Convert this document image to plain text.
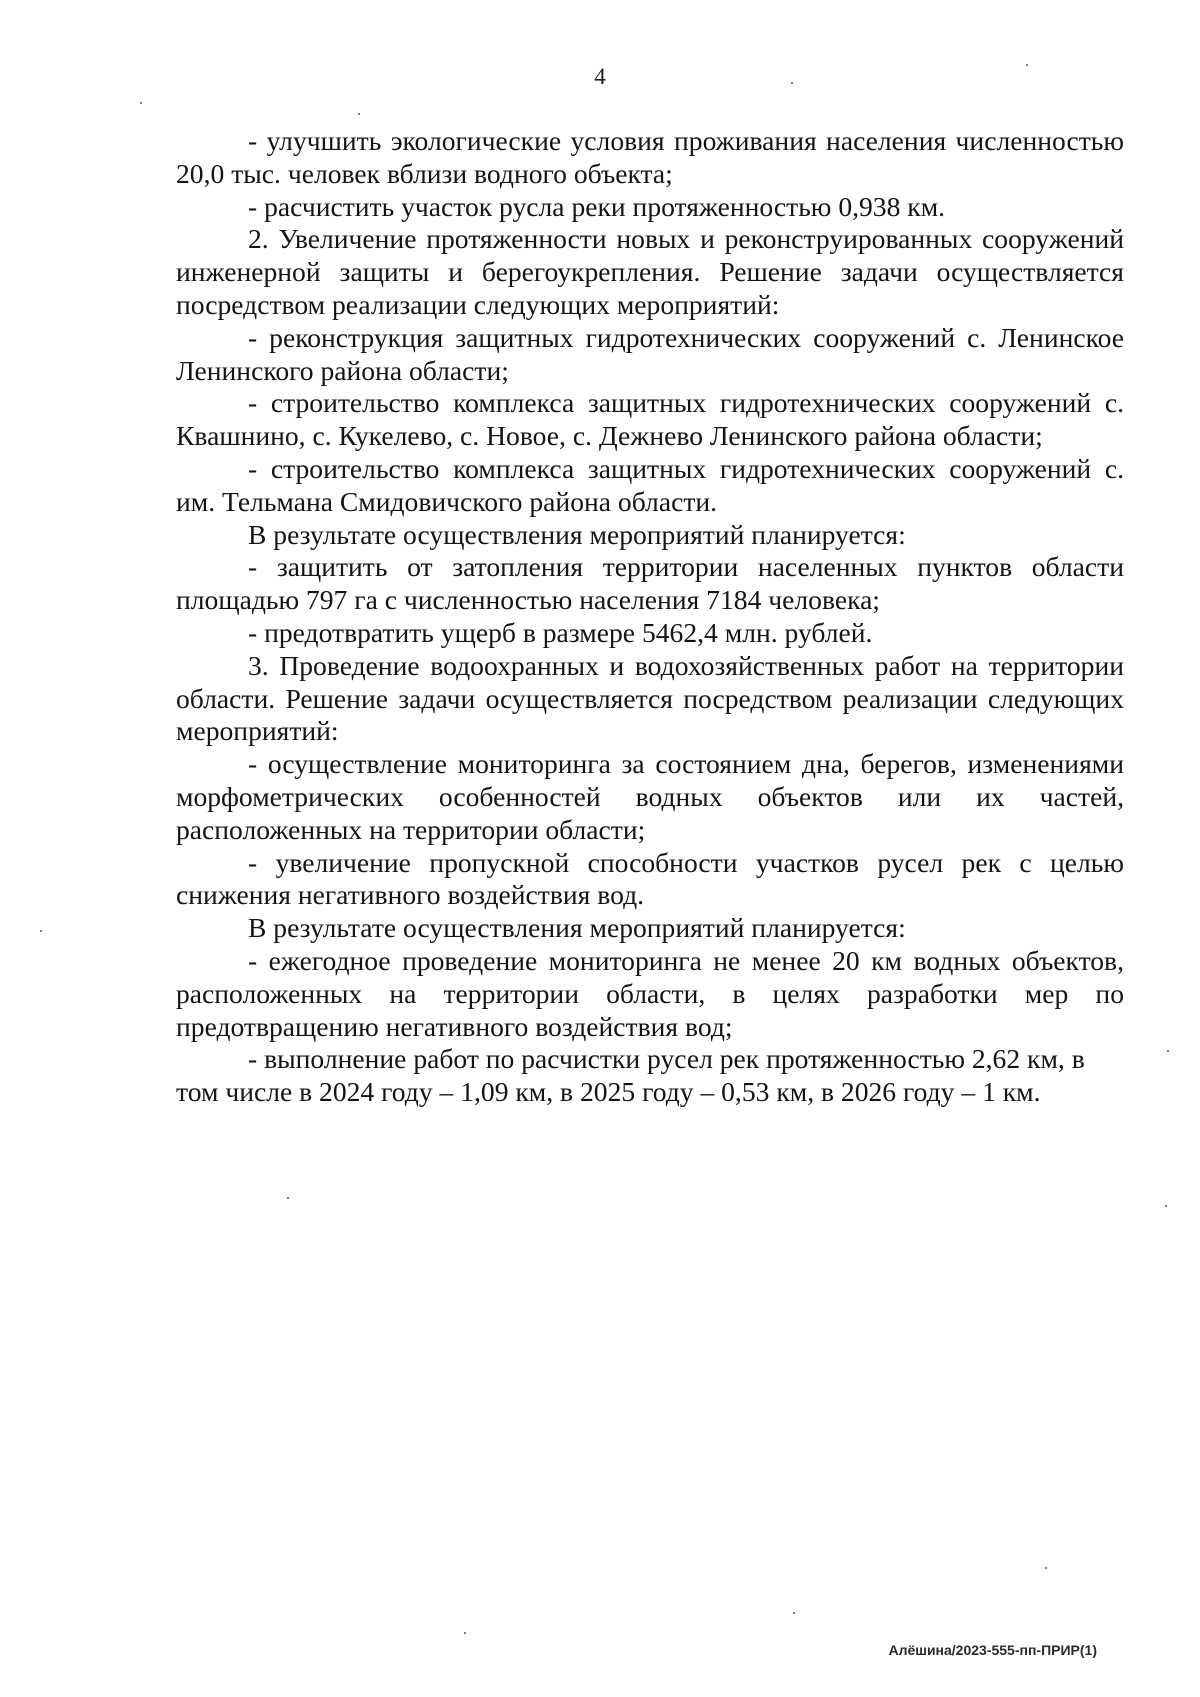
4

- улучшить экологические условия проживания населения численностью 20,0 тыс. человек вблизи водного объекта;

- расчистить участок русла реки протяженностью 0,938 км.

2. Увеличение протяженности новых и реконструированных сооружений инженерной защиты и берегоукрепления. Решение задачи осуществляется посредством реализации следующих мероприятий:

- реконструкция защитных гидротехнических сооружений с. Ленинское Ленинского района области;

- строительство комплекса защитных гидротехнических сооружений с. Квашнино, с. Кукелево, с. Новое, с. Дежнево Ленинского района области;

- строительство комплекса защитных гидротехнических сооружений с. им. Тельмана Смидовичского района области.

В результате осуществления мероприятий планируется:

- защитить от затопления территории населенных пунктов области площадью 797 га с численностью населения 7184 человека;

- предотвратить ущерб в размере 5462,4 млн. рублей.

3. Проведение водоохранных и водохозяйственных работ на территории области. Решение задачи осуществляется посредством реализации следующих мероприятий:

- осуществление мониторинга за состоянием дна, берегов, изменениями морфометрических особенностей водных объектов или их частей, расположенных на территории области;

- увеличение пропускной способности участков русел рек с целью снижения негативного воздействия вод.

В результате осуществления мероприятий планируется:

- ежегодное проведение мониторинга не менее 20 км водных объектов, расположенных на территории области, в целях разработки мер по предотвращению негативного воздействия вод;

- выполнение работ по расчистки русел рек протяженностью 2,62 км, в том числе в 2024 году – 1,09 км, в 2025 году – 0,53 км, в 2026 году – 1 км.

Алёшина/2023-555-пп-ПРИР(1)
